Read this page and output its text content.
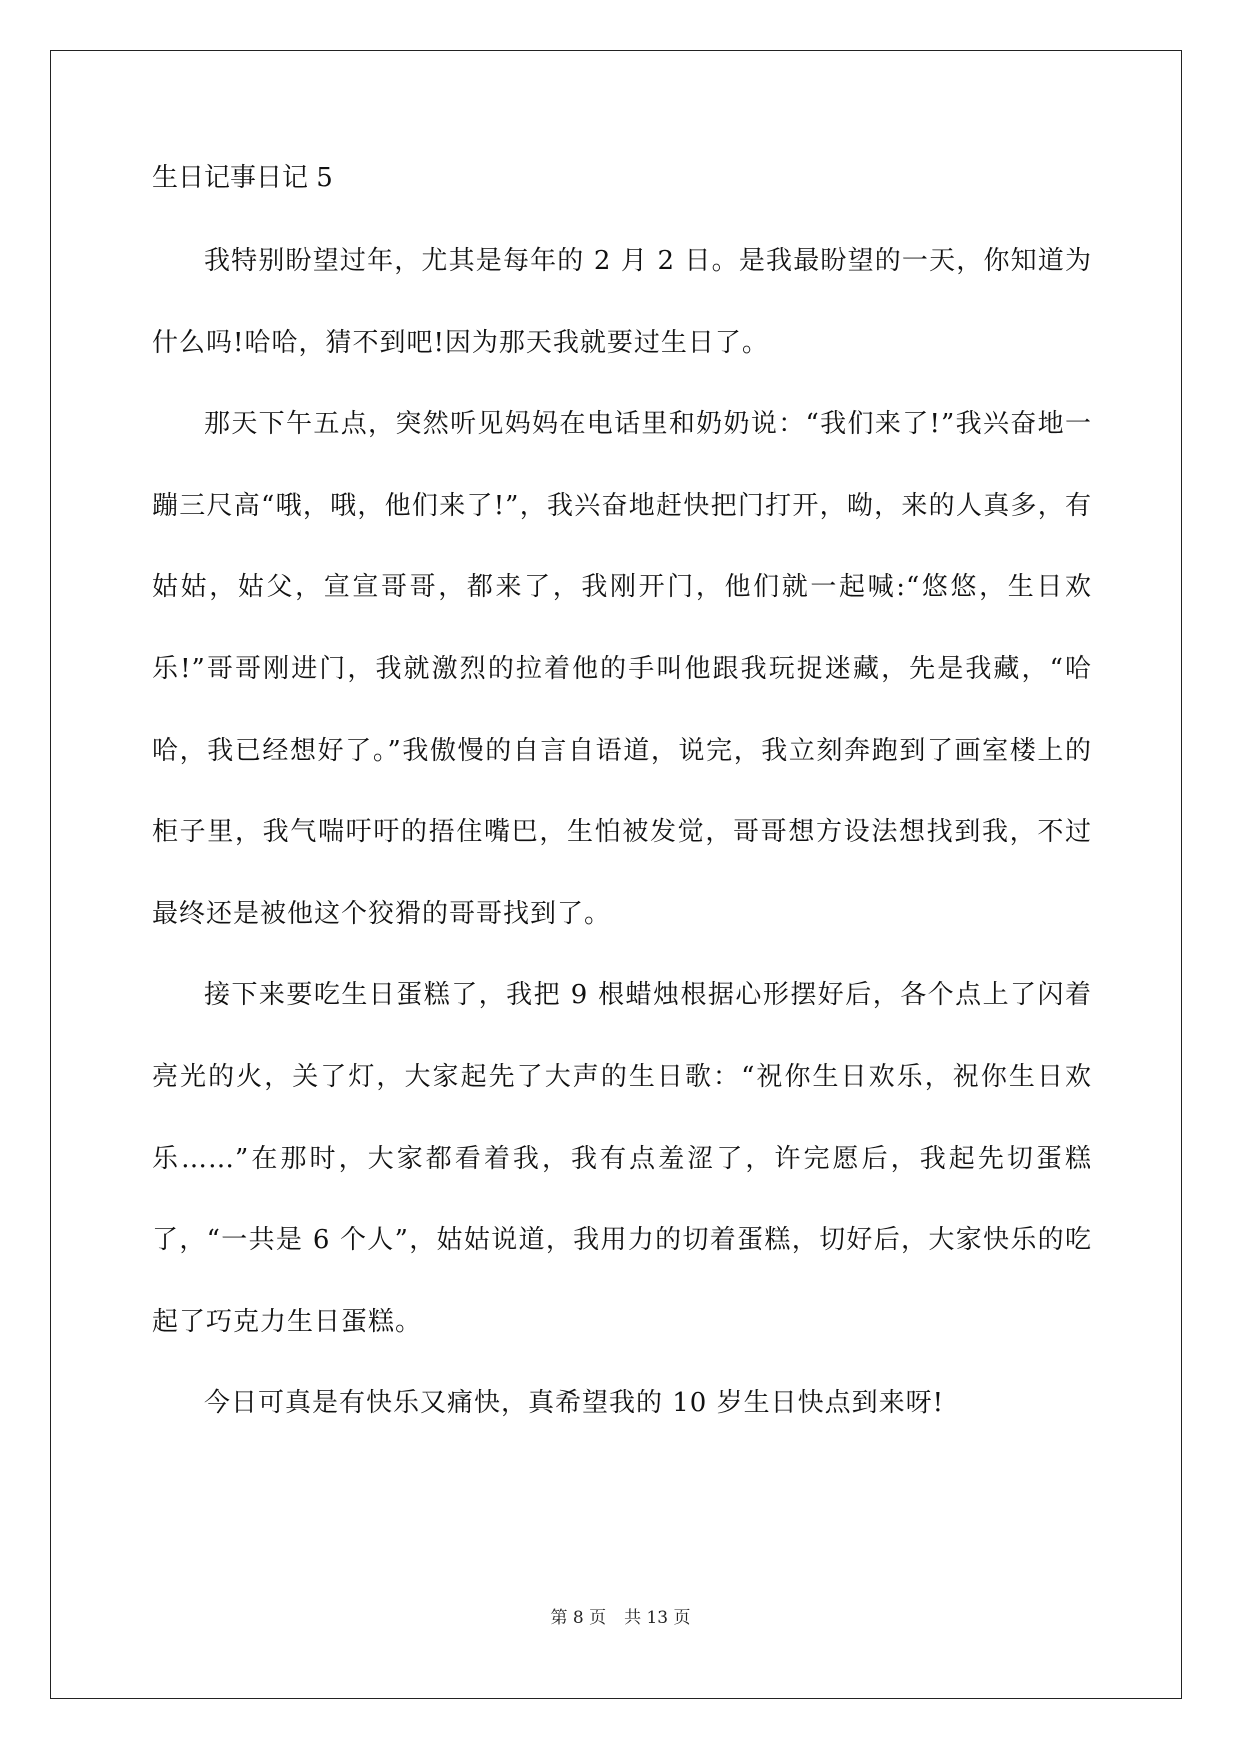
生日记事日记 5

我特别盼望过年，尤其是每年的 2 月 2 日。是我最盼望的一天，你知道为什么吗!哈哈，猜不到吧!因为那天我就要过生日了。

那天下午五点，突然听见妈妈在电话里和奶奶说：“我们来了!”我兴奋地一蹦三尺高“哦，哦，他们来了!”，我兴奋地赶快把门打开，呦，来的人真多，有姑姑，姑父，宣宣哥哥，都来了，我刚开门，他们就一起喊:“悠悠，生日欢乐!”哥哥刚进门，我就激烈的拉着他的手叫他跟我玩捉迷藏，先是我藏，“哈哈，我已经想好了。”我傲慢的自言自语道，说完，我立刻奔跑到了画室楼上的柜子里，我气喘吁吁的捂住嘴巴，生怕被发觉，哥哥想方设法想找到我，不过最终还是被他这个狡猾的哥哥找到了。

接下来要吃生日蛋糕了，我把 9 根蜡烛根据心形摆好后，各个点上了闪着亮光的火，关了灯，大家起先了大声的生日歌：“祝你生日欢乐，祝你生日欢乐……”在那时，大家都看着我，我有点羞涩了，许完愿后，我起先切蛋糕了，“一共是 6 个人”，姑姑说道，我用力的切着蛋糕，切好后，大家快乐的吃起了巧克力生日蛋糕。

今日可真是有快乐又痛快，真希望我的 10 岁生日快点到来呀!

第 8 页 共 13 页
